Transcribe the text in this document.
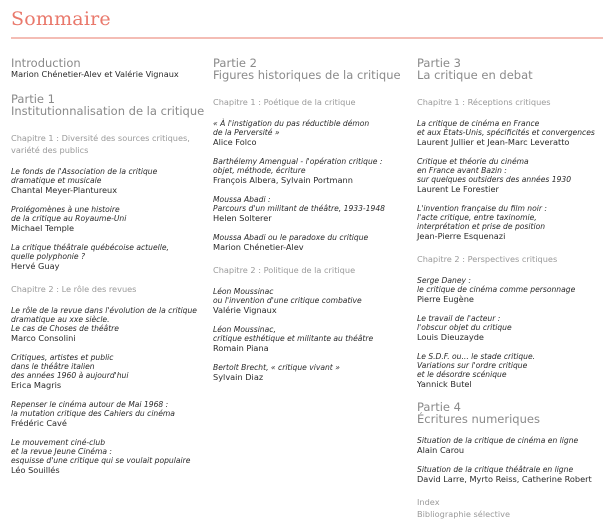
Sommaire
Introduction
Marion Chénetier-Alev et Valérie Vignaux
Partie 1
Institutionnalisation de la critique
Chapitre 1 : Diversité des sources critiques, variété des publics
Le fonds de l'Association de la critique
dramatique et musicale
Chantal Meyer-Plantureux
Prolégomènes à une histoire
de la critique au Royaume-Uni
Michael Temple
La critique théâtrale québécoise actuelle,
quelle polyphonie ?
Hervé Guay
Chapitre 2 : Le rôle des revues
Le rôle de la revue dans l'évolution de la critique
dramatique au xxe siècle.
Le cas de Choses de théâtre
Marco Consolini
Critiques, artistes et public
dans le théâtre italien
des années 1960 à aujourd'hui
Erica Magris
Repenser le cinéma autour de Mai 1968 :
la mutation critique des Cahiers du cinéma
Frédéric Cavé
Le mouvement ciné-club
et la revue Jeune Cinéma :
esquisse d'une critique qui se voulait populaire
Léo Souillés
Partie 2
Figures historiques de la critique
Chapitre 1 : Poétique de la critique
« À l'instigation du pas réductible démon
de la Perversité »
Alice Folco
Barthélemy Amengual - l'opération critique :
objet, méthode, écriture
François Albera, Sylvain Portmann
Moussa Abadi :
Parcours d'un militant de théâtre, 1933-1948
Helen Solterer
Moussa Abadi ou le paradoxe du critique
Marion Chénetier-Alev
Chapitre 2 : Politique de la critique
Léon Moussinac
ou l'invention d'une critique combative
Valérie Vignaux
Léon Moussinac,
critique esthétique et militante au théâtre
Romain Piana
Bertolt Brecht, « critique vivant »
Sylvain Diaz
Partie 3
La critique en debat
Chapitre 1 : Réceptions critiques
La critique de cinéma en France
et aux États-Unis, spécificités et convergences
Laurent Jullier et Jean-Marc Leveratto
Critique et théorie du cinéma
en France avant Bazin :
sur quelques outsiders des années 1930
Laurent Le Forestier
L'invention française du film noir :
l'acte critique, entre taxinomie,
interprétation et prise de position
Jean-Pierre Esquenazi
Chapitre 2 : Perspectives critiques
Serge Daney :
le critique de cinéma comme personnage
Pierre Eugène
Le travail de l'acteur :
l'obscur objet du critique
Louis Dieuzayde
Le S.D.F. ou... le stade critique.
Variations sur l'ordre critique
et le désordre scénique
Yannick Butel
Partie 4
Écritures numeriques
Situation de la critique de cinéma en ligne
Alain Carou
Situation de la critique théâtrale en ligne
David Larre, Myrto Reiss, Catherine Robert
Index
Bibliographie sélective
